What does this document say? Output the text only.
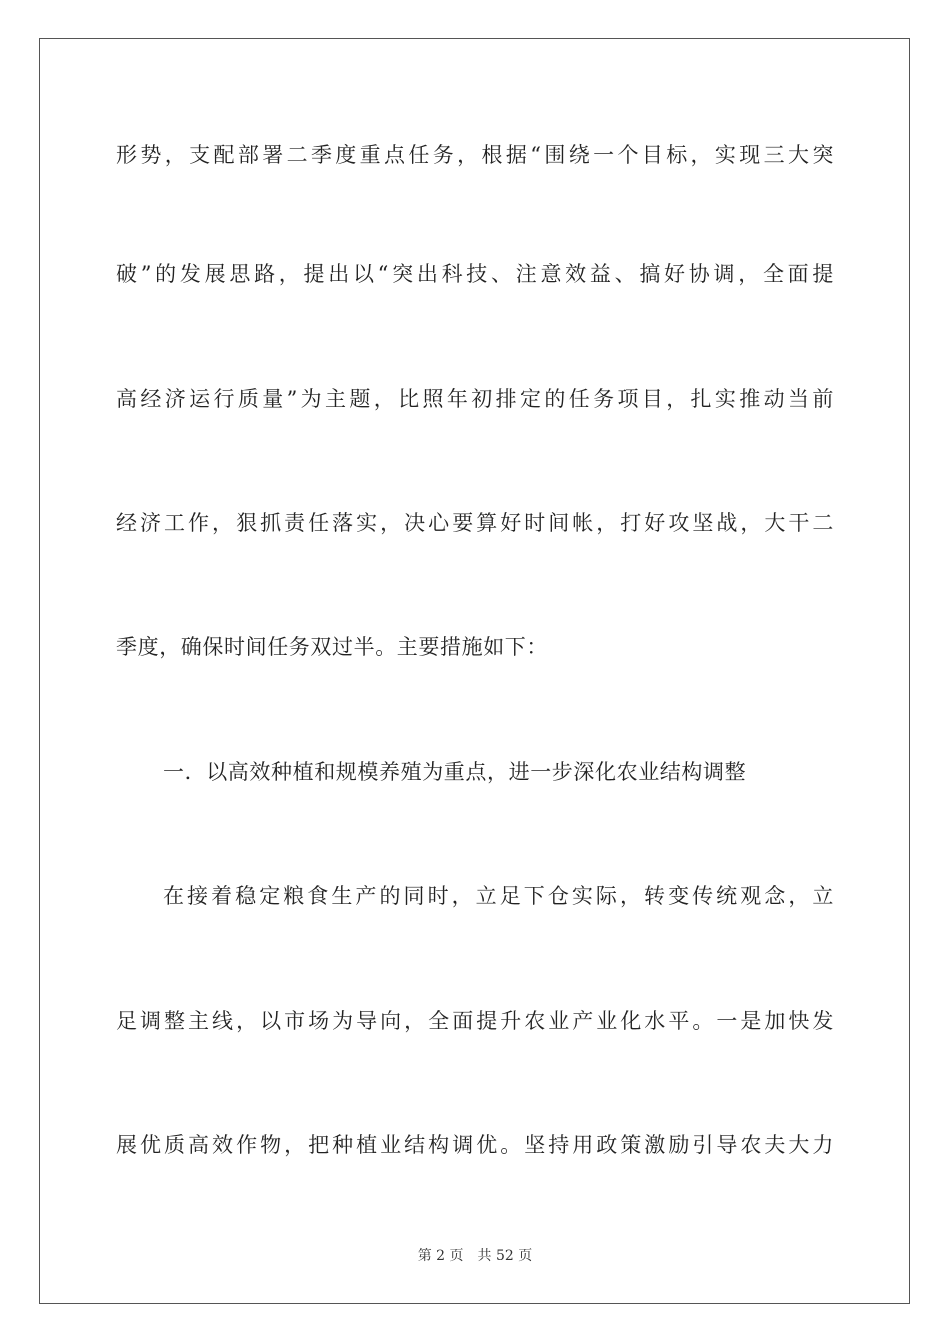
形势，支配部署二季度重点任务，根据“围绕一个目标，实现三大突
破”的发展思路，提出以“突出科技、注意效益、搞好协调，全面提
高经济运行质量”为主题，比照年初排定的任务项目，扎实推动当前
经济工作，狠抓责任落实，决心要算好时间帐，打好攻坚战，大干二
季度，确保时间任务双过半。主要措施如下：
一．以高效种植和规模养殖为重点，进一步深化农业结构调整
在接着稳定粮食生产的同时，立足下仓实际，转变传统观念，立
足调整主线，以市场为导向，全面提升农业产业化水平。一是加快发
展优质高效作物，把种植业结构调优。坚持用政策激励引导农夫大力
第 2 页 共 52 页
